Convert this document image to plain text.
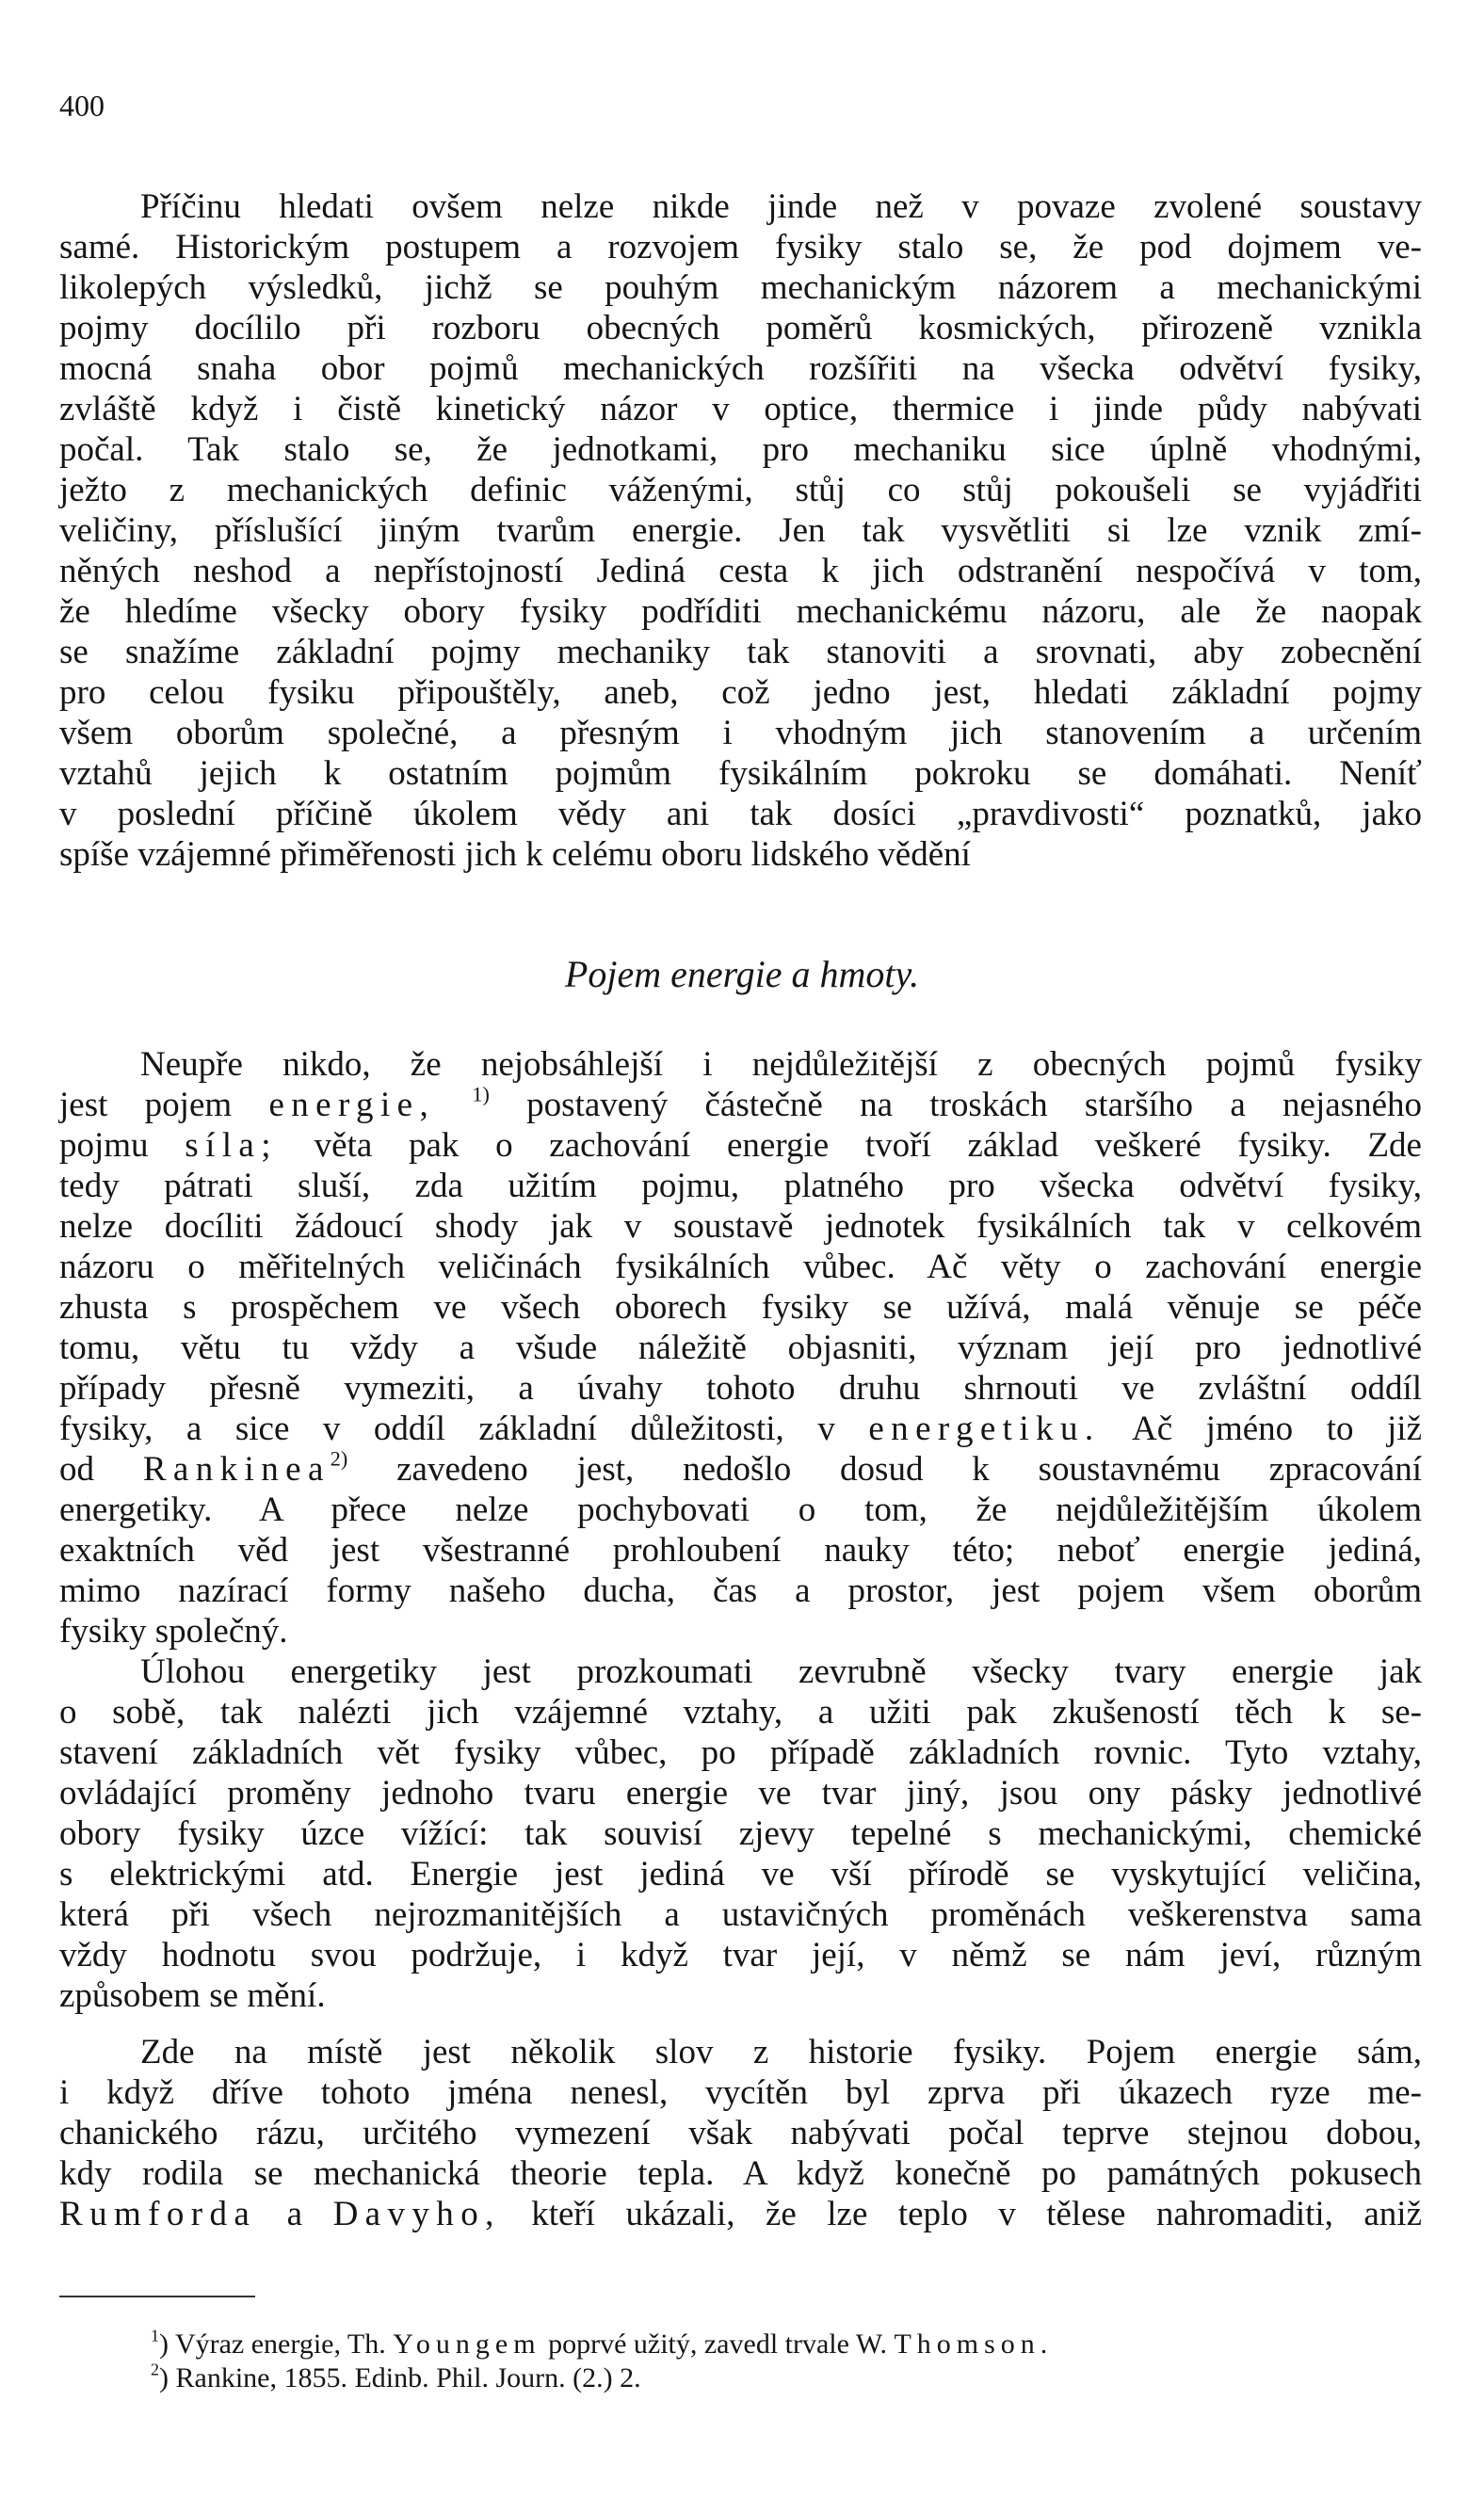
400
Příčinu hledati ovšem nelze nikde jinde než v povaze zvolené soustavy
samé. Historickým postupem a rozvojem fysiky stalo se, že pod dojmem ve-
likolepých výsledků, jichž se pouhým mechanickým názorem a mechanickými
pojmy docílilo při rozboru obecných poměrů kosmických, přirozeně vznikla
mocná snaha obor pojmů mechanických rozšířiti na všecka odvětví fysiky,
zvláště když i čistě kinetický názor v optice, thermice i jinde půdy nabývati
počal. Tak stalo se, že jednotkami, pro mechaniku sice úplně vhodnými,
ježto z mechanických definic váženými, stůj co stůj pokoušeli se vyjádřiti
veličiny, příslušící jiným tvarům energie. Jen tak vysvětliti si lze vznik zmí-
něných neshod a nepřístojností Jediná cesta k jich odstranění nespočívá v tom,
že hledíme všecky obory fysiky podříditi mechanickému názoru, ale že naopak
se snažíme základní pojmy mechaniky tak stanoviti a srovnati, aby zobecnění
pro celou fysiku připouštěly, aneb, což jedno jest, hledati základní pojmy
všem oborům společné, a přesným i vhodným jich stanovením a určením
vztahů jejich k ostatním pojmům fysikálním pokroku se domáhati. Neníť
v poslední příčině úkolem vědy ani tak dosíci „pravdivosti“ poznatků, jako
spíše vzájemné přiměřenosti jich k celému oboru lidského vědění
Pojem energie a hmoty.
Neupře nikdo, že nejobsáhlejší i nejdůležitější z obecných pojmů fysiky
jest pojem energie, $^{1)}$ postavený částečně na troskách staršího a nejasného
pojmu síla; věta pak o zachování energie tvoří základ veškeré fysiky. Zde
tedy pátrati sluší, zda užitím pojmu, platného pro všecka odvětví fysiky,
nelze docíliti žádoucí shody jak v soustavě jednotek fysikálních tak v celkovém
názoru o měřitelných veličinách fysikálních vůbec. Ač věty o zachování energie
zhusta s prospěchem ve všech oborech fysiky se užívá, malá věnuje se péče
tomu, větu tu vždy a všude náležitě objasniti, význam její pro jednotlivé
případy přesně vymeziti, a úvahy tohoto druhu shrnouti ve zvláštní oddíl
fysiky, a sice v oddíl základní důležitosti, v energetiku. Ač jméno to již
od Rankinea$^{2)}$ zavedeno jest, nedošlo dosud k soustavnému zpracování
energetiky. A přece nelze pochybovati o tom, že nejdůležitějším úkolem
exaktních věd jest všestranné prohloubení nauky této; neboť energie jediná,
mimo nazírací formy našeho ducha, čas a prostor, jest pojem všem oborům
fysiky společný.
Úlohou energetiky jest prozkoumati zevrubně všecky tvary energie jak
o sobě, tak nalézti jich vzájemné vztahy, a užiti pak zkušeností těch k se-
stavení základních vět fysiky vůbec, po případě základních rovnic. Tyto vztahy,
ovládající proměny jednoho tvaru energie ve tvar jiný, jsou ony pásky jednotlivé
obory fysiky úzce vížící: tak souvisí zjevy tepelné s mechanickými, chemické
s elektrickými atd. Energie jest jediná ve vší přírodě se vyskytující veličina,
která při všech nejrozmanitějších a ustavičných proměnách veškerenstva sama
vždy hodnotu svou podržuje, i když tvar její, v němž se nám jeví, různým
způsobem se mění.
Zde na místě jest několik slov z historie fysiky. Pojem energie sám,
i když dříve tohoto jména nenesl, vycítěn byl zprva při úkazech ryze me-
chanického rázu, určitého vymezení však nabývati počal teprve stejnou dobou,
kdy rodila se mechanická theorie tepla. A když konečně po památných pokusech
Rumforda a Davyho, kteří ukázali, že lze teplo v tělese nahromaditi, aniž
$^1$) Výraz energie, Th. Youngem poprvé užitý, zavedl trvale W. Thomson.
$^2$) Rankine, 1855. Edinb. Phil. Journ. (2.) 2.
